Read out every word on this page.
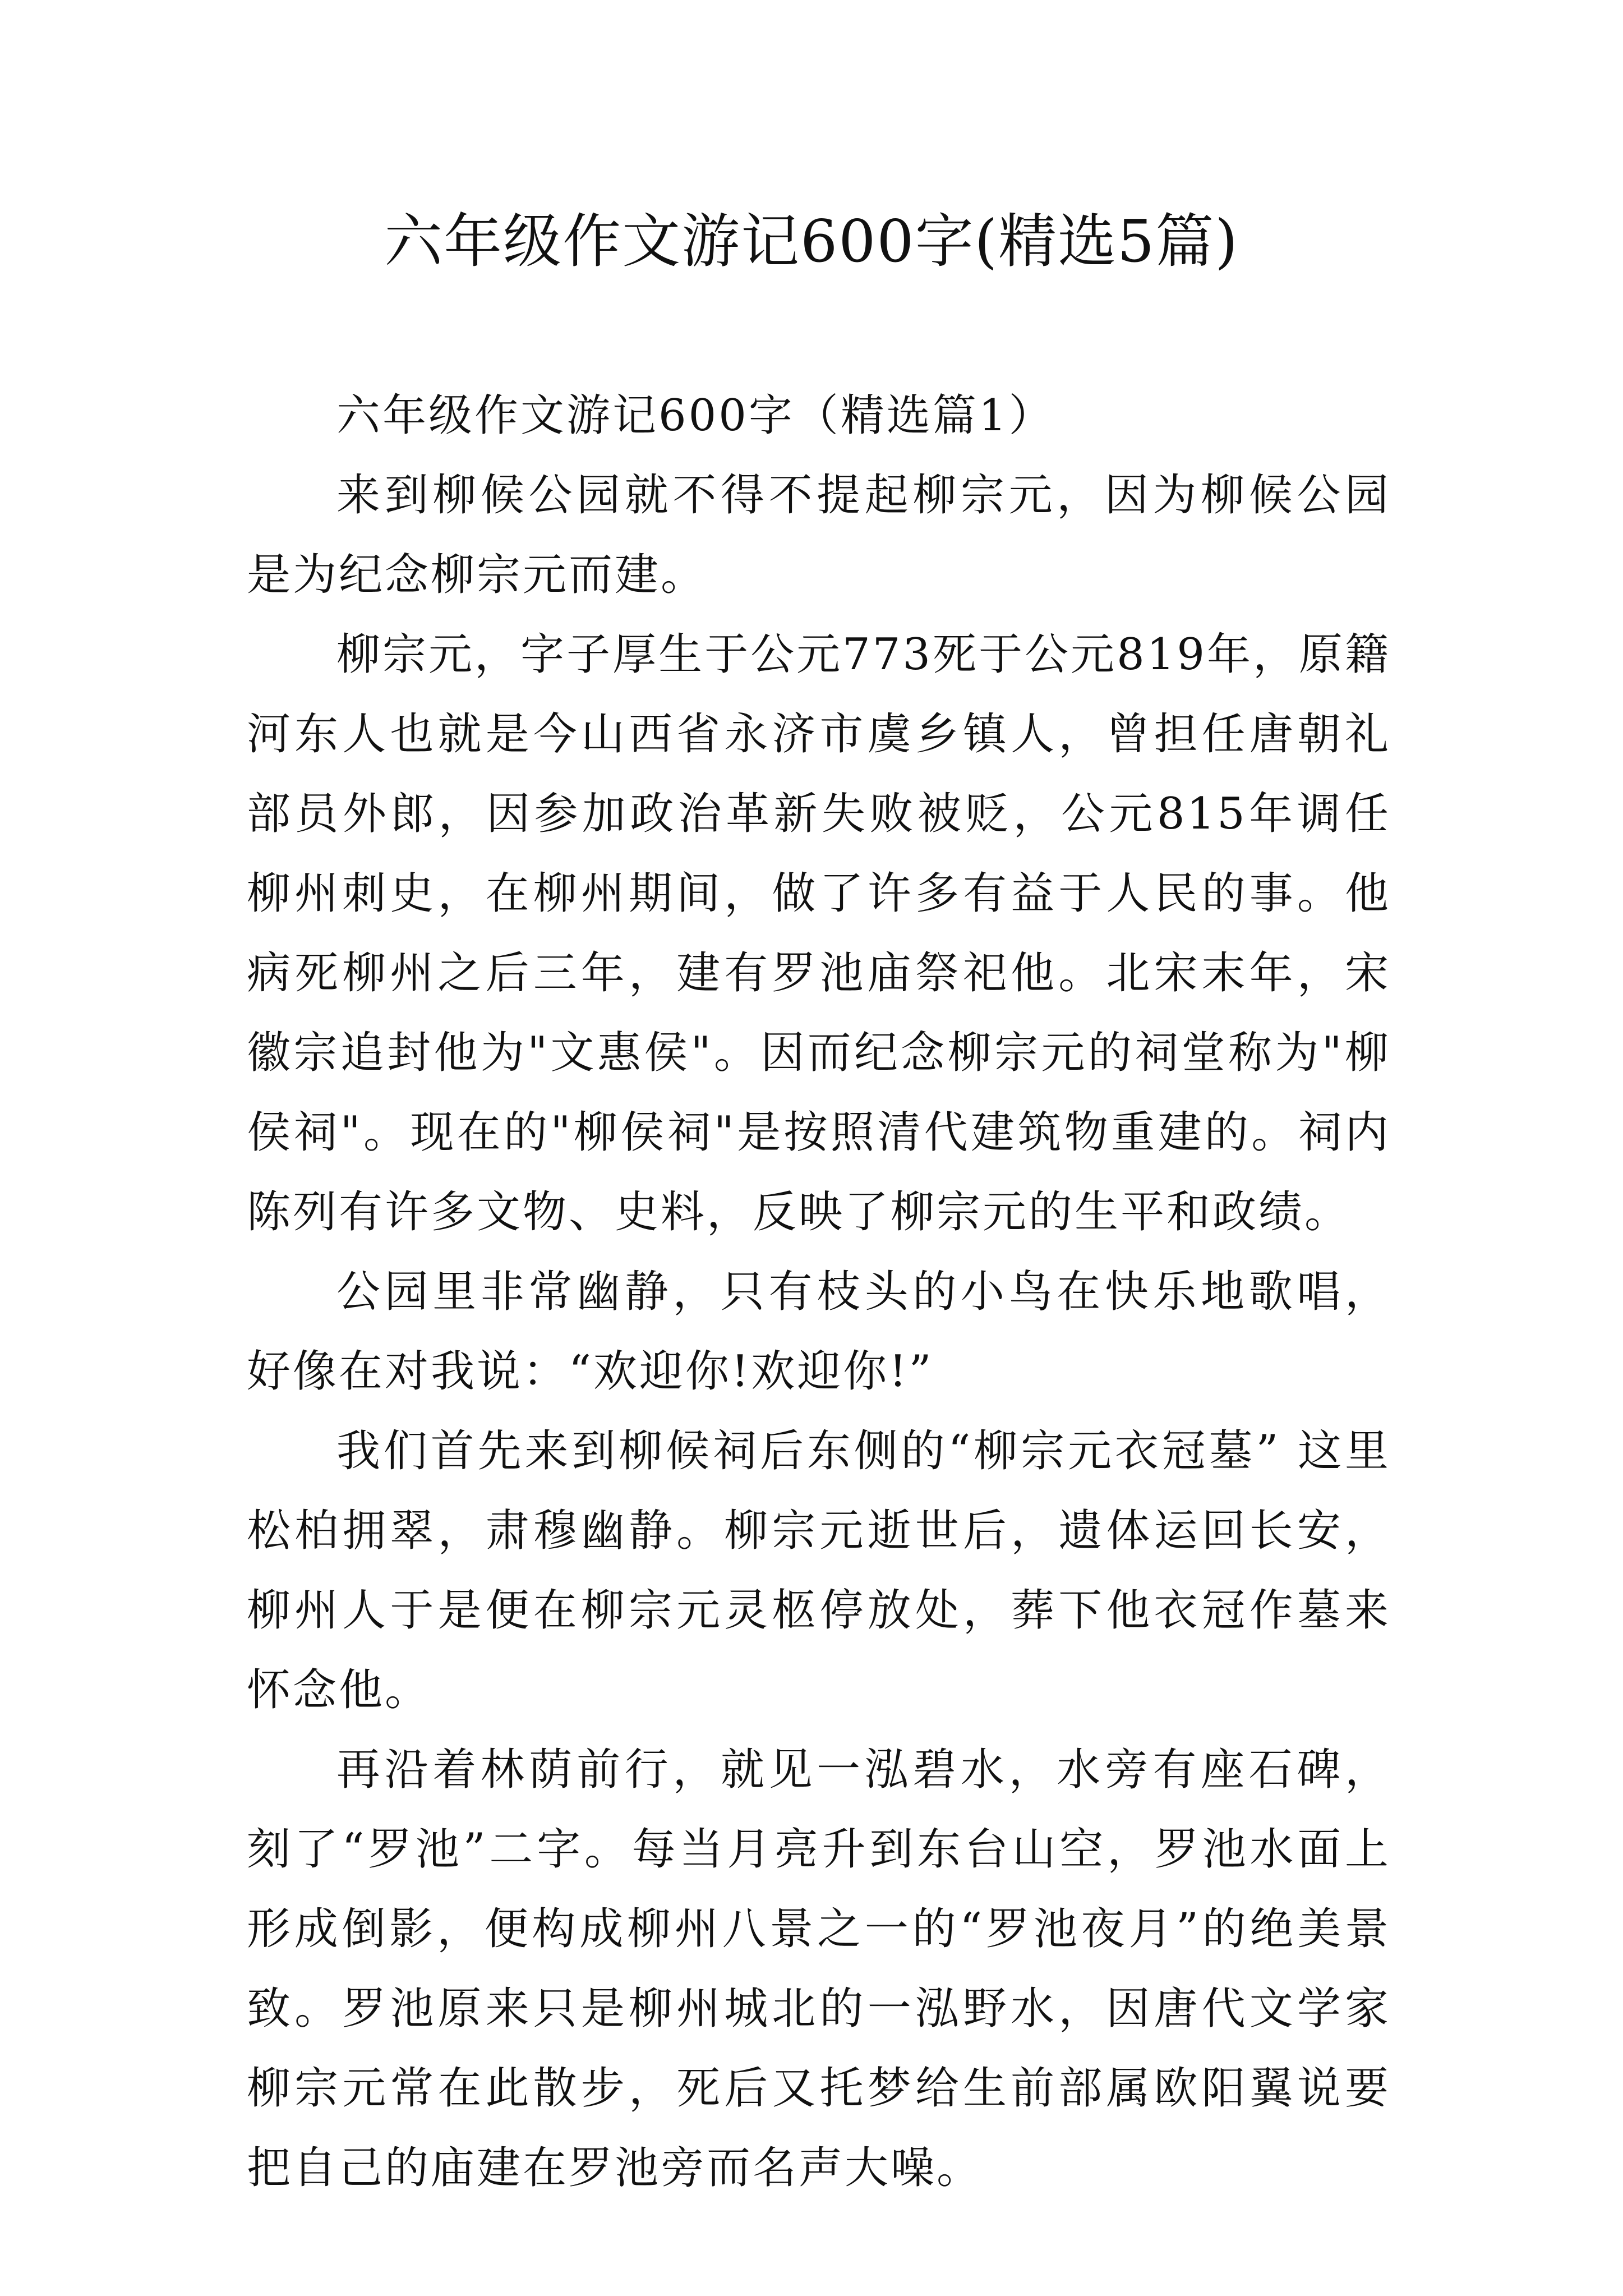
六年级作文游记600字(精选5篇)

六年级作文游记600字（精选篇1）

来到柳候公园就不得不提起柳宗元，因为柳候公园是为纪念柳宗元而建。

柳宗元，字子厚生于公元773死于公元819年，原籍河东人也就是今山西省永济市虞乡镇人，曾担任唐朝礼部员外郎，因参加政治革新失败被贬，公元815年调任柳州刺史，在柳州期间，做了许多有益于人民的事。他病死柳州之后三年，建有罗池庙祭祀他。北宋末年，宋徽宗追封他为"文惠侯"。因而纪念柳宗元的祠堂称为"柳侯祠"。现在的"柳侯祠"是按照清代建筑物重建的。祠内陈列有许多文物、史料，反映了柳宗元的生平和政绩。

公园里非常幽静，只有枝头的小鸟在快乐地歌唱，好像在对我说：“欢迎你!欢迎你!”

我们首先来到柳候祠后东侧的“柳宗元衣冠墓” 这里松柏拥翠，肃穆幽静。柳宗元逝世后，遗体运回长安，柳州人于是便在柳宗元灵柩停放处，葬下他衣冠作墓来怀念他。

再沿着林荫前行，就见一泓碧水，水旁有座石碑，刻了“罗池”二字。每当月亮升到东台山空，罗池水面上形成倒影，便构成柳州八景之一的“罗池夜月”的绝美景致。罗池原来只是柳州城北的一泓野水，因唐代文学家柳宗元常在此散步，死后又托梦给生前部属欧阳翼说要把自己的庙建在罗池旁而名声大噪。
